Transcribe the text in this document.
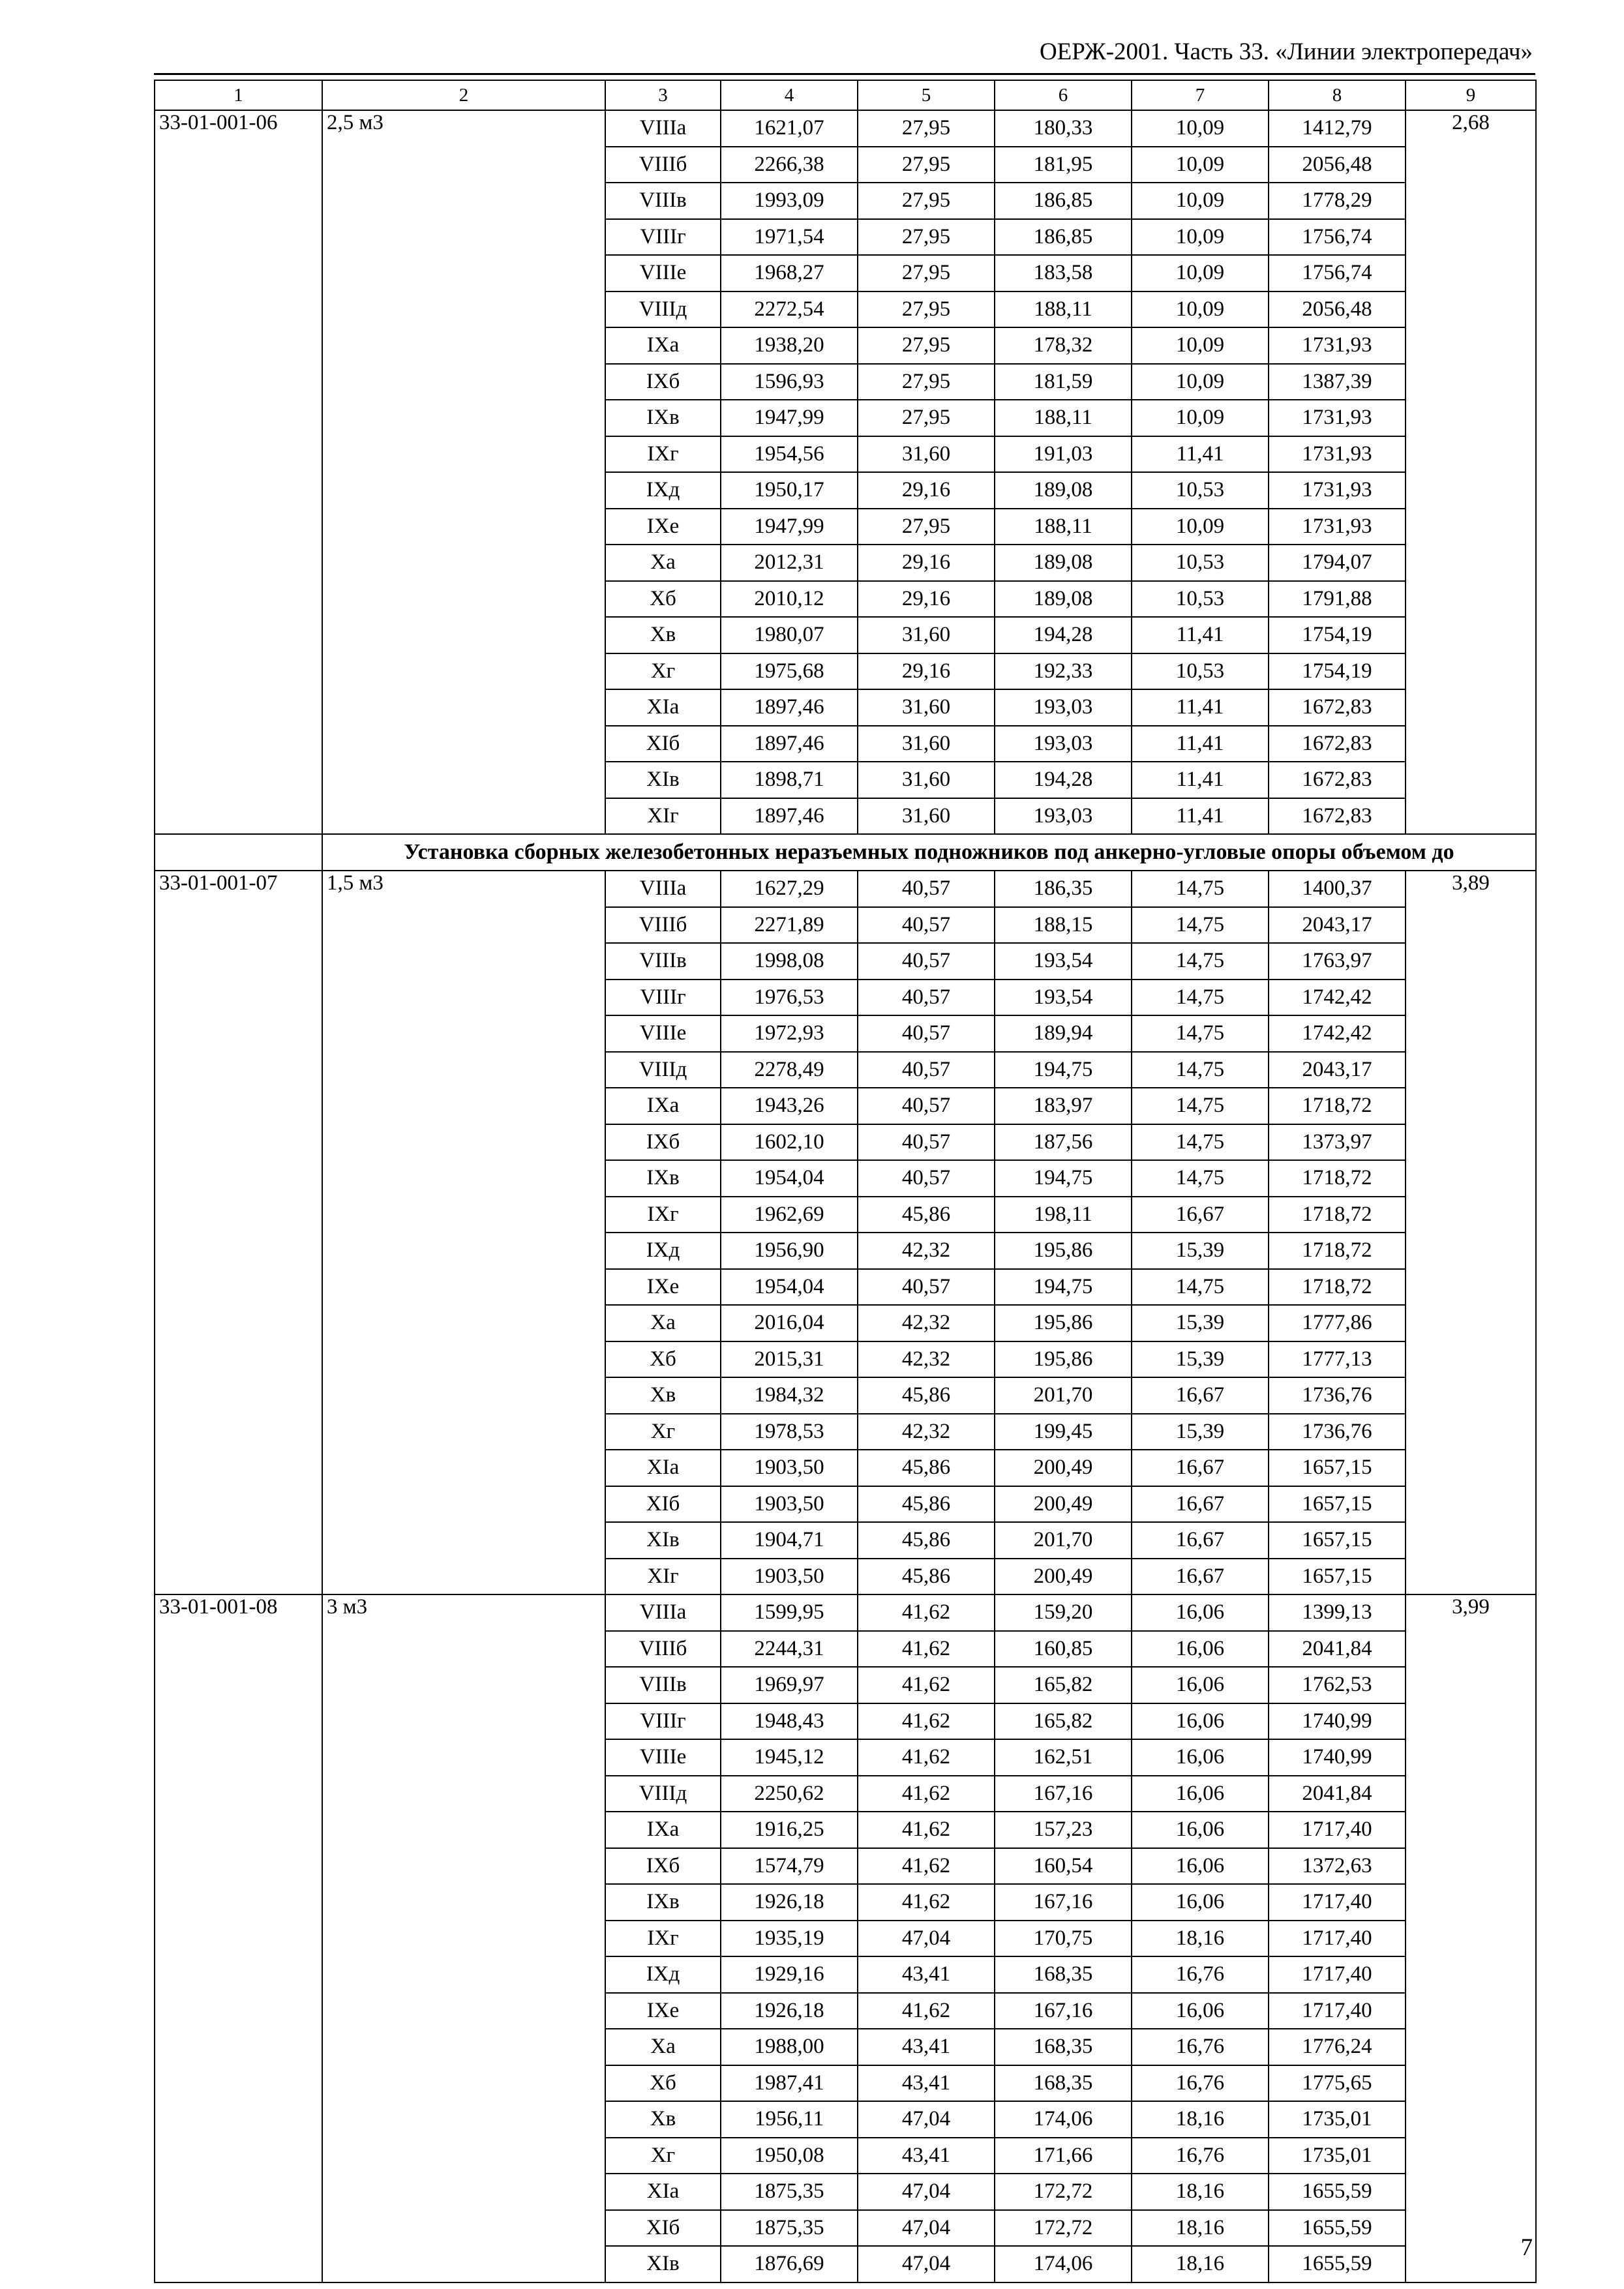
ОЕРЖ-2001. Часть 33. «Линии электропередач»
1	2	3	4	5	6	7	8	9
33-01-001-06	2,5 м3	VIIIа	1621,07	27,95	180,33	10,09	1412,79	2,68
		VIIIб	2266,38	27,95	181,95	10,09	2056,48	
		VIIIв	1993,09	27,95	186,85	10,09	1778,29	
		VIIIг	1971,54	27,95	186,85	10,09	1756,74	
		VIIIе	1968,27	27,95	183,58	10,09	1756,74	
		VIIIд	2272,54	27,95	188,11	10,09	2056,48	
		IXа	1938,20	27,95	178,32	10,09	1731,93	
		IXб	1596,93	27,95	181,59	10,09	1387,39	
		IXв	1947,99	27,95	188,11	10,09	1731,93	
		IXг	1954,56	31,60	191,03	11,41	1731,93	
		IXд	1950,17	29,16	189,08	10,53	1731,93	
		IXе	1947,99	27,95	188,11	10,09	1731,93	
		Xа	2012,31	29,16	189,08	10,53	1794,07	
		Xб	2010,12	29,16	189,08	10,53	1791,88	
		Xв	1980,07	31,60	194,28	11,41	1754,19	
		Xг	1975,68	29,16	192,33	10,53	1754,19	
		XIа	1897,46	31,60	193,03	11,41	1672,83	
		XIб	1897,46	31,60	193,03	11,41	1672,83	
		XIв	1898,71	31,60	194,28	11,41	1672,83	
		XIг	1897,46	31,60	193,03	11,41	1672,83	
	Установка сборных железобетонных неразъемных подножников под анкерно-угловые опоры объемом до							
33-01-001-07	1,5 м3	VIIIа	1627,29	40,57	186,35	14,75	1400,37	3,89
		VIIIб	2271,89	40,57	188,15	14,75	2043,17	
		VIIIв	1998,08	40,57	193,54	14,75	1763,97	
		VIIIг	1976,53	40,57	193,54	14,75	1742,42	
		VIIIе	1972,93	40,57	189,94	14,75	1742,42	
		VIIIд	2278,49	40,57	194,75	14,75	2043,17	
		IXа	1943,26	40,57	183,97	14,75	1718,72	
		IXб	1602,10	40,57	187,56	14,75	1373,97	
		IXв	1954,04	40,57	194,75	14,75	1718,72	
		IXг	1962,69	45,86	198,11	16,67	1718,72	
		IXд	1956,90	42,32	195,86	15,39	1718,72	
		IXе	1954,04	40,57	194,75	14,75	1718,72	
		Xа	2016,04	42,32	195,86	15,39	1777,86	
		Xб	2015,31	42,32	195,86	15,39	1777,13	
		Xв	1984,32	45,86	201,70	16,67	1736,76	
		Xг	1978,53	42,32	199,45	15,39	1736,76	
		XIа	1903,50	45,86	200,49	16,67	1657,15	
		XIб	1903,50	45,86	200,49	16,67	1657,15	
		XIв	1904,71	45,86	201,70	16,67	1657,15	
		XIг	1903,50	45,86	200,49	16,67	1657,15	
33-01-001-08	3 м3	VIIIа	1599,95	41,62	159,20	16,06	1399,13	3,99
		VIIIб	2244,31	41,62	160,85	16,06	2041,84	
		VIIIв	1969,97	41,62	165,82	16,06	1762,53	
		VIIIг	1948,43	41,62	165,82	16,06	1740,99	
		VIIIе	1945,12	41,62	162,51	16,06	1740,99	
		VIIIд	2250,62	41,62	167,16	16,06	2041,84	
		IXа	1916,25	41,62	157,23	16,06	1717,40	
		IXб	1574,79	41,62	160,54	16,06	1372,63	
		IXв	1926,18	41,62	167,16	16,06	1717,40	
		IXг	1935,19	47,04	170,75	18,16	1717,40	
		IXд	1929,16	43,41	168,35	16,76	1717,40	
		IXе	1926,18	41,62	167,16	16,06	1717,40	
		Xа	1988,00	43,41	168,35	16,76	1776,24	
		Xб	1987,41	43,41	168,35	16,76	1775,65	
		Xв	1956,11	47,04	174,06	18,16	1735,01	
		Xг	1950,08	43,41	171,66	16,76	1735,01	
		XIа	1875,35	47,04	172,72	18,16	1655,59	
		XIб	1875,35	47,04	172,72	18,16	1655,59	
		XIв	1876,69	47,04	174,06	18,16	1655,59	
7
